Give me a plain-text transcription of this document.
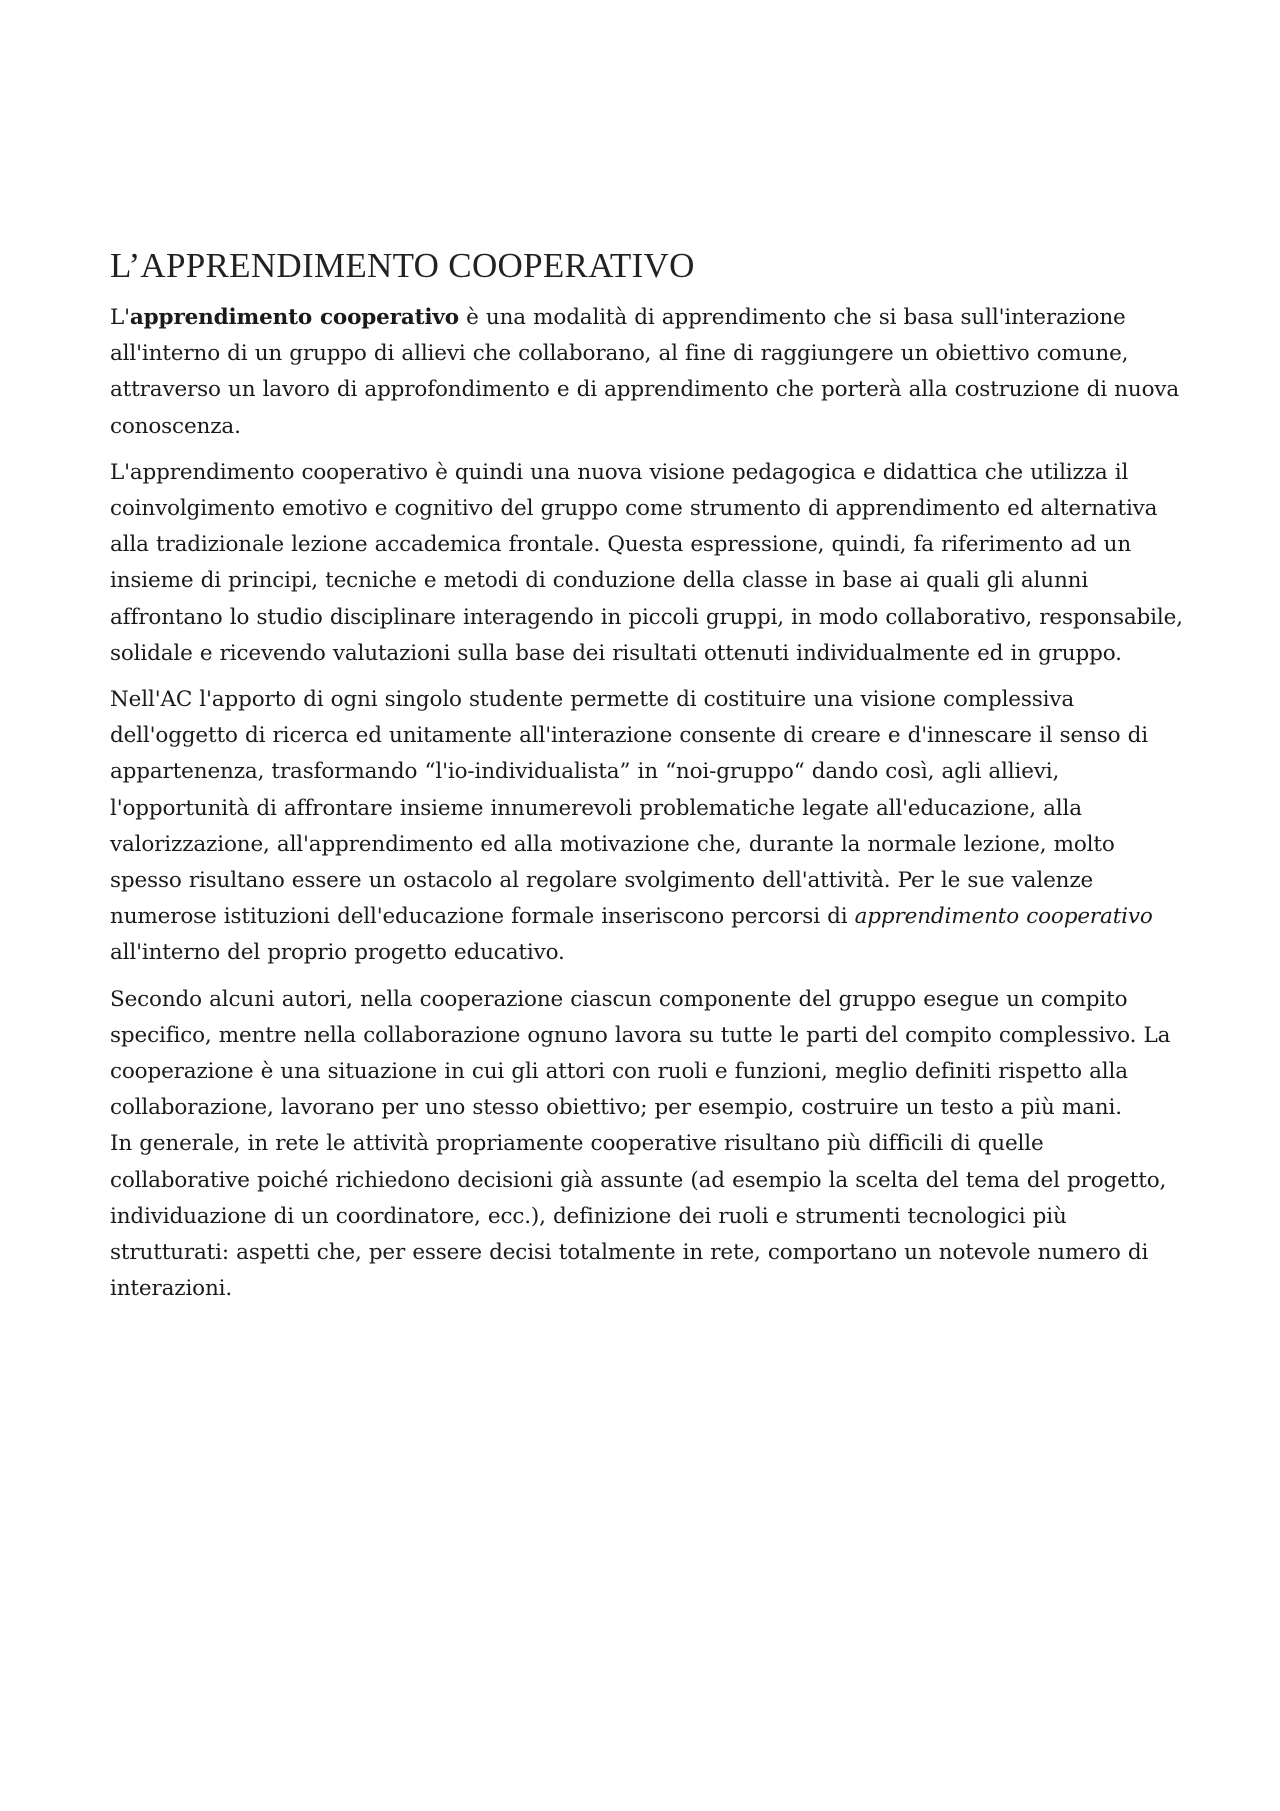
L’APPRENDIMENTO COOPERATIVO

L'apprendimento cooperativo è una modalità di apprendimento che si basa sull'interazione all'interno di un gruppo di allievi che collaborano, al fine di raggiungere un obiettivo comune, attraverso un lavoro di approfondimento e di apprendimento che porterà alla costruzione di nuova conoscenza.

L'apprendimento cooperativo è quindi una nuova visione pedagogica e didattica che utilizza il coinvolgimento emotivo e cognitivo del gruppo come strumento di apprendimento ed alternativa alla tradizionale lezione accademica frontale. Questa espressione, quindi, fa riferimento ad un insieme di principi, tecniche e metodi di conduzione della classe in base ai quali gli alunni affrontano lo studio disciplinare interagendo in piccoli gruppi, in modo collaborativo, responsabile, solidale e ricevendo valutazioni sulla base dei risultati ottenuti individualmente ed in gruppo.

Nell'AC l'apporto di ogni singolo studente permette di costituire una visione complessiva dell'oggetto di ricerca ed unitamente all'interazione consente di creare e d'innescare il senso di appartenenza, trasformando “l'io-individualista” in “noi-gruppo“ dando così, agli allievi, l'opportunità di affrontare insieme innumerevoli problematiche legate all'educazione, alla valorizzazione, all'apprendimento ed alla motivazione che, durante la normale lezione, molto spesso risultano essere un ostacolo al regolare svolgimento dell'attività. Per le sue valenze numerose istituzioni dell'educazione formale inseriscono percorsi di apprendimento cooperativo all'interno del proprio progetto educativo.

Secondo alcuni autori, nella cooperazione ciascun componente del gruppo esegue un compito specifico, mentre nella collaborazione ognuno lavora su tutte le parti del compito complessivo. La cooperazione è una situazione in cui gli attori con ruoli e funzioni, meglio definiti rispetto alla collaborazione, lavorano per uno stesso obiettivo; per esempio, costruire un testo a più mani.

In generale, in rete le attività propriamente cooperative risultano più difficili di quelle collaborative poiché richiedono decisioni già assunte (ad esempio la scelta del tema del progetto, individuazione di un coordinatore, ecc.), definizione dei ruoli e strumenti tecnologici più strutturati: aspetti che, per essere decisi totalmente in rete, comportano un notevole numero di interazioni.
